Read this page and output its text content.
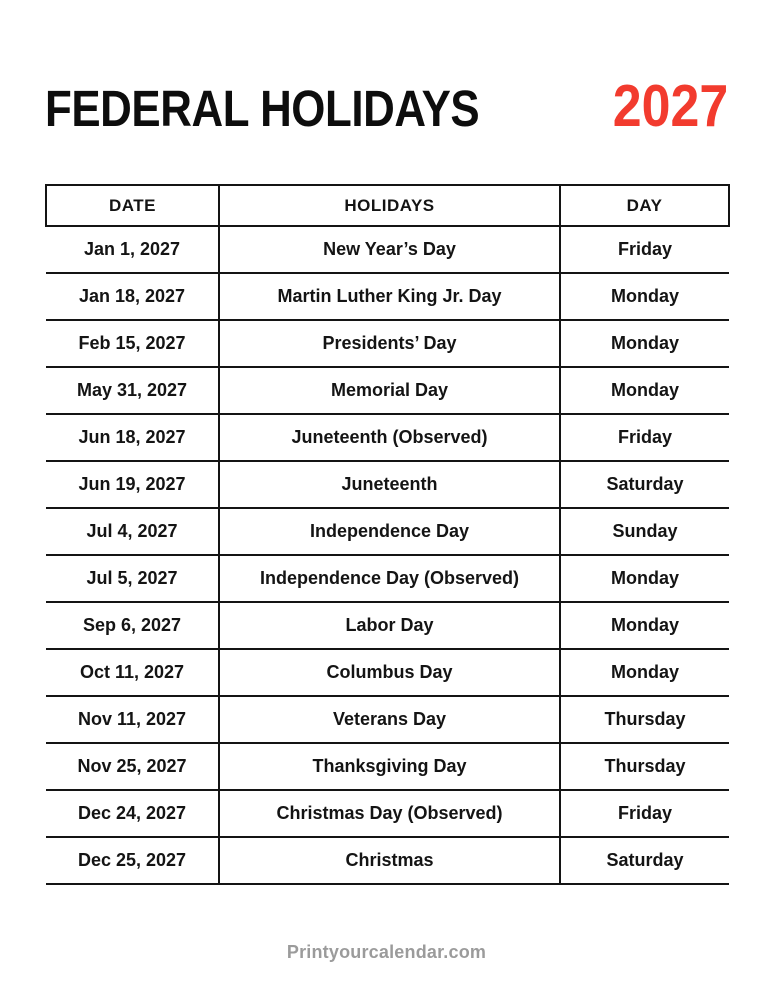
FEDERAL HOLIDAYS 2027
DATE	HOLIDAYS	DAY
Jan 1, 2027	New Year’s Day	Friday
Jan 18, 2027	Martin Luther King Jr. Day	Monday
Feb 15, 2027	Presidents’ Day	Monday
May 31, 2027	Memorial Day	Monday
Jun 18, 2027	Juneteenth (Observed)	Friday
Jun 19, 2027	Juneteenth	Saturday
Jul 4, 2027	Independence Day	Sunday
Jul 5, 2027	Independence Day (Observed)	Monday
Sep 6, 2027	Labor Day	Monday
Oct 11, 2027	Columbus Day	Monday
Nov 11, 2027	Veterans Day	Thursday
Nov 25, 2027	Thanksgiving Day	Thursday
Dec 24, 2027	Christmas Day (Observed)	Friday
Dec 25, 2027	Christmas	Saturday
Printyourcalendar.com
